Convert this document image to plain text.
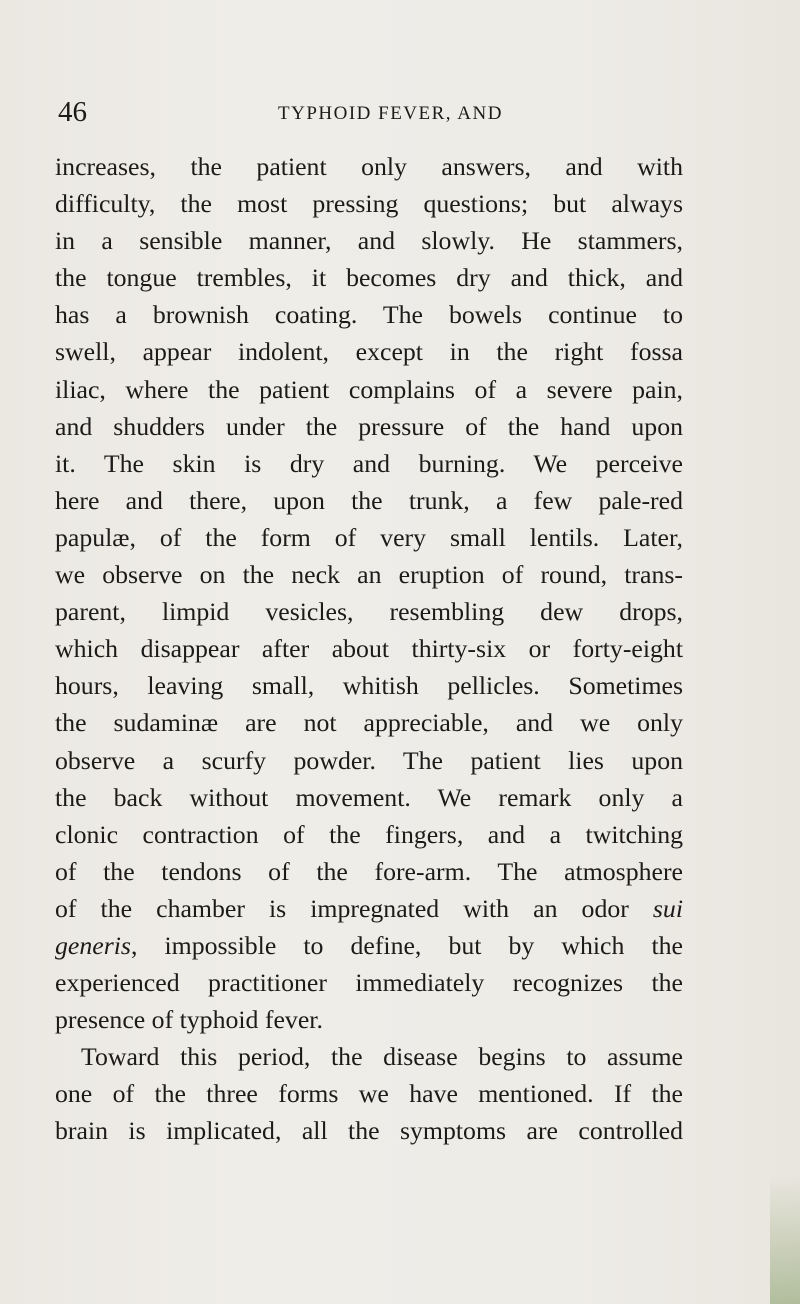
46	TYPHOID FEVER, AND
increases, the patient only answers, and with
difficulty, the most pressing questions; but always
in a sensible manner, and slowly. He stammers,
the tongue trembles, it becomes dry and thick, and
has a brownish coating. The bowels continue to
swell, appear indolent, except in the right fossa
iliac, where the patient complains of a severe pain,
and shudders under the pressure of the hand upon
it. The skin is dry and burning. We perceive
here and there, upon the trunk, a few pale-red
papulæ, of the form of very small lentils. Later,
we observe on the neck an eruption of round, trans-
parent, limpid vesicles, resembling dew drops,
which disappear after about thirty-six or forty-eight
hours, leaving small, whitish pellicles. Sometimes
the sudaminæ are not appreciable, and we only
observe a scurfy powder. The patient lies upon
the back without movement. We remark only a
clonic contraction of the fingers, and a twitching
of the tendons of the fore-arm. The atmosphere
of the chamber is impregnated with an odor sui
generis, impossible to define, but by which the
experienced practitioner immediately recognizes the
presence of typhoid fever.
Toward this period, the disease begins to assume
one of the three forms we have mentioned. If the
brain is implicated, all the symptoms are controlled
